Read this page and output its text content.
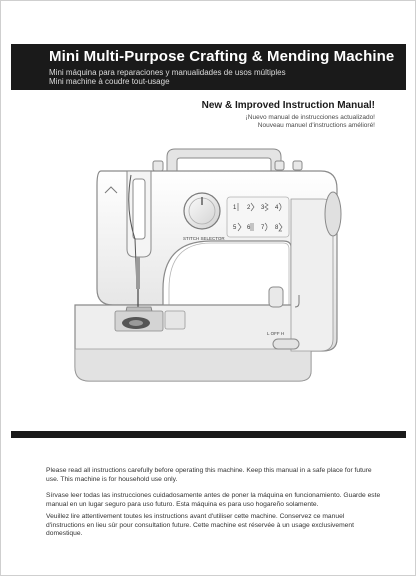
Mini Multi-Purpose Crafting & Mending Machine
Mini máquina para reparaciones y manualidades de usos múltiples
Mini machine à coudre tout-usage
New & Improved Instruction Manual!
¡Nuevo manual de instrucciones actualizado!
Nouveau manuel d'instructions amélioré!
STITCH SELECTOR
1 2 3 4
5 6 7 8
L OFF H
Please read all instructions carefully before operating this machine. Keep this manual in a safe place for future use. This machine is for household use only.
Sírvase leer todas las instrucciones cuidadosamente antes de poner la máquina en funcionamiento. Guarde este manual en un lugar seguro para uso futuro. Esta máquina es para uso hogareño solamente.
Veuillez lire attentivement toutes les instructions avant d'utiliser cette machine. Conservez ce manuel d'instructions en lieu sûr pour consultation future. Cette machine est réservée à un usage exclusivement domestique.
